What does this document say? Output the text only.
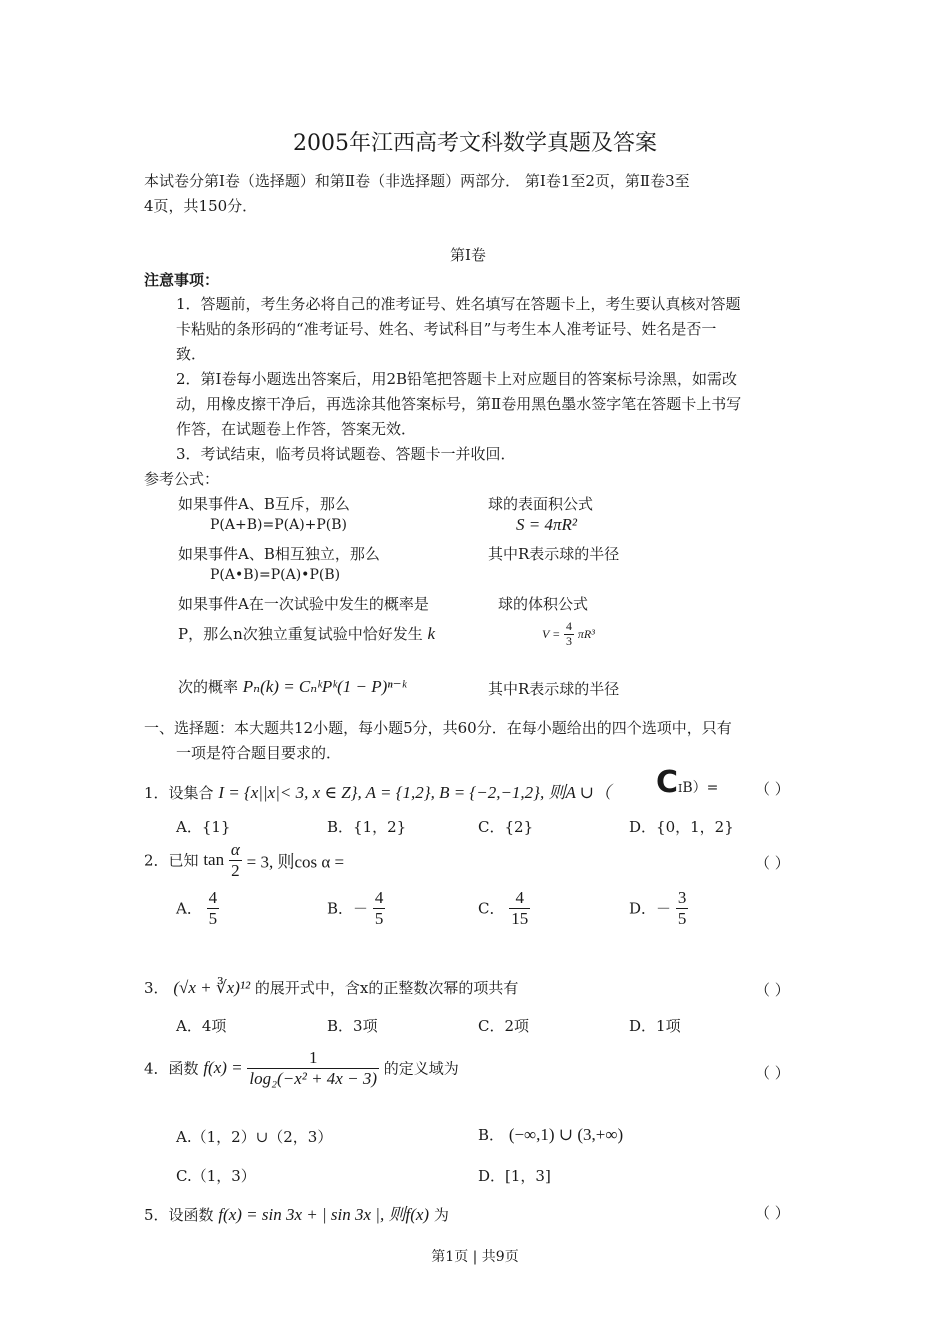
2005年江西高考文科数学真题及答案
本试卷分第Ⅰ卷（选择题）和第Ⅱ卷（非选择题）两部分． 第Ⅰ卷1至2页，第Ⅱ卷3至
4页，共150分．
第Ⅰ卷
注意事项：
1．答题前，考生务必将自己的准考证号、姓名填写在答题卡上，考生要认真核对答题
卡粘贴的条形码的“准考证号、姓名、考试科目”与考生本人准考证号、姓名是否一
致．
2．第Ⅰ卷每小题选出答案后，用2B铅笔把答题卡上对应题目的答案标号涂黑，如需改
动，用橡皮擦干净后，再选涂其他答案标号，第Ⅱ卷用黑色墨水签字笔在答题卡上书写
作答，在试题卷上作答，答案无效．
3．考试结束，临考员将试题卷、答题卡一并收回．
参考公式：
如果事件A、B互斥，那么
P(A+B)=P(A)+P(B)
如果事件A、B相互独立，那么
P(A•B)=P(A)•P(B)
如果事件A在一次试验中发生的概率是
P，那么n次独立重复试验中恰好发生 k
次的概率 Pₙ(k) = CₙᵏPᵏ(1 − P)ⁿ⁻ᵏ
球的表面积公式
S = 4πR²
其中R表示球的半径
球的体积公式
$V = \frac{4}{3} \pi R^3$
其中R表示球的半径
一、选择题：本大题共12小题，每小题5分，共60分．在每小题给出的四个选项中，只有
一项是符合题目要求的．
1．设集合 I = {x||x|< 3, x ∈ Z}, A = {1,2}, B = {−2,−1,2}, 则A ∪（ CIB）= （ ）
A．{1}	B．{1，2}	C．{2}	D．{0，1，2}
2．已知 $\tan \frac{\alpha}{2} = 3$, 则cos α =	（ ）
A． $\frac{4}{5}$	B．－ $\frac{4}{5}$	C． $\frac{4}{15}$	D．－ $\frac{3}{5}$
3． (√x + ∛x)¹² 的展开式中，含x的正整数次幂的项共有	（ ）
A．4项	B．3项	C．2项	D．1项
4．函数 $f(x) = \frac{1}{\text{log₂(−x² + 4x − 3)}}$ 的定义域为	（ ）
A.（1，2）∪（2，3）	B． (−∞,1) ∪ (3,+∞)
C.（1，3）	D．[1，3]
5．设函数 f(x) = sin 3x + | sin 3x |, 则f(x) 为	（ ）
第1页 | 共9页
